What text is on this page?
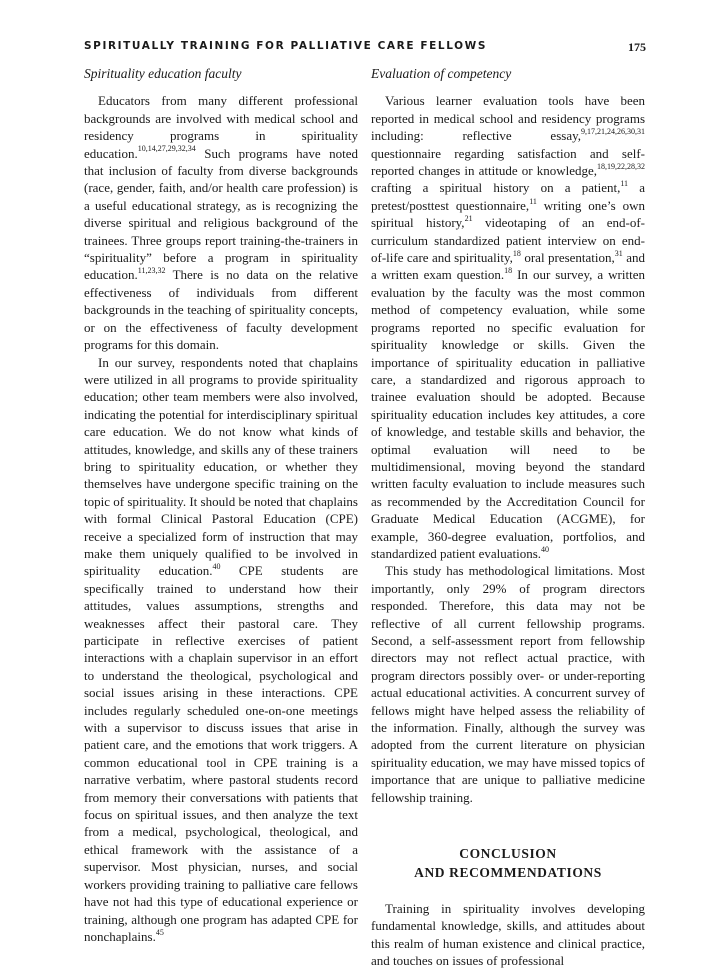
SPIRITUALLY TRAINING FOR PALLIATIVE CARE FELLOWS	175
Spirituality education faculty

Educators from many different professional backgrounds are involved with medical school and residency programs in spirituality education.$^{10,14,27,29,32,34}$ Such programs have noted that inclusion of faculty from diverse backgrounds (race, gender, faith, and/or health care profession) is a useful educational strategy, as is recognizing the diverse spiritual and religious background of the trainees. Three groups report training-the-trainers in “spirituality” before a program in spirituality education.$^{11,23,32}$ There is no data on the relative effectiveness of individuals from different backgrounds in the teaching of spirituality concepts, or on the effectiveness of faculty development programs for this domain.

In our survey, respondents noted that chaplains were utilized in all programs to provide spirituality education; other team members were also involved, indicating the potential for interdisciplinary spiritual care education. We do not know what kinds of attitudes, knowledge, and skills any of these trainers bring to spirituality education, or whether they themselves have undergone specific training on the topic of spirituality. It should be noted that chaplains with formal Clinical Pastoral Education (CPE) receive a specialized form of instruction that may make them uniquely qualified to be involved in spirituality education.$^{40}$ CPE students are specifically trained to understand how their attitudes, values assumptions, strengths and weaknesses affect their pastoral care. They participate in reflective exercises of patient interactions with a chaplain supervisor in an effort to understand the theological, psychological and social issues arising in these interactions. CPE includes regularly scheduled one-on-one meetings with a supervisor to discuss issues that arise in patient care, and the emotions that work triggers. A common educational tool in CPE training is a narrative verbatim, where pastoral students record from memory their conversations with patients that focus on spiritual issues, and then analyze the text from a medical, psychological, theological, and ethical framework with the assistance of a supervisor. Most physician, nurses, and social workers providing training to palliative care fellows have not had this type of educational experience or training, although one program has adapted CPE for nonchaplains.$^{45}$

Evaluation of competency

Various learner evaluation tools have been reported in medical school and residency programs including: reflective essay,$^{9,17,21,24,26,30,31}$ questionnaire regarding satisfaction and self-reported changes in attitude or knowledge,$^{18,19,22,28,32}$ crafting a spiritual history on a patient,$^{11}$ a pretest/posttest questionnaire,$^{11}$ writing one’s own spiritual history,$^{21}$ videotaping of an end-of-curriculum standardized patient interview on end-of-life care and spirituality,$^{18}$ oral presentation,$^{31}$ and a written exam question.$^{18}$ In our survey, a written evaluation by the faculty was the most common method of competency evaluation, while some programs reported no specific evaluation for spirituality knowledge or skills. Given the importance of spirituality education in palliative care, a standardized and rigorous approach to trainee evaluation should be adopted. Because spirituality education includes key attitudes, a core of knowledge, and testable skills and behavior, the optimal evaluation will need to be multidimensional, moving beyond the standard written faculty evaluation to include measures such as recommended by the Accreditation Council for Graduate Medical Education (ACGME), for example, 360-degree evaluation, portfolios, and standardized patient evaluations.$^{40}$

This study has methodological limitations. Most importantly, only 29% of program directors responded. Therefore, this data may not be reflective of all current fellowship programs. Second, a self-assessment report from fellowship directors may not reflect actual practice, with program directors possibly over- or under-reporting actual educational activities. A concurrent survey of fellows might have helped assess the reliability of the information. Finally, although the survey was adopted from the current literature on physician spirituality education, we may have missed topics of importance that are unique to palliative medicine fellowship training.

CONCLUSION
AND RECOMMENDATIONS

Training in spirituality involves developing fundamental knowledge, skills, and attitudes about this realm of human existence and clinical practice, and touches on issues of professional
